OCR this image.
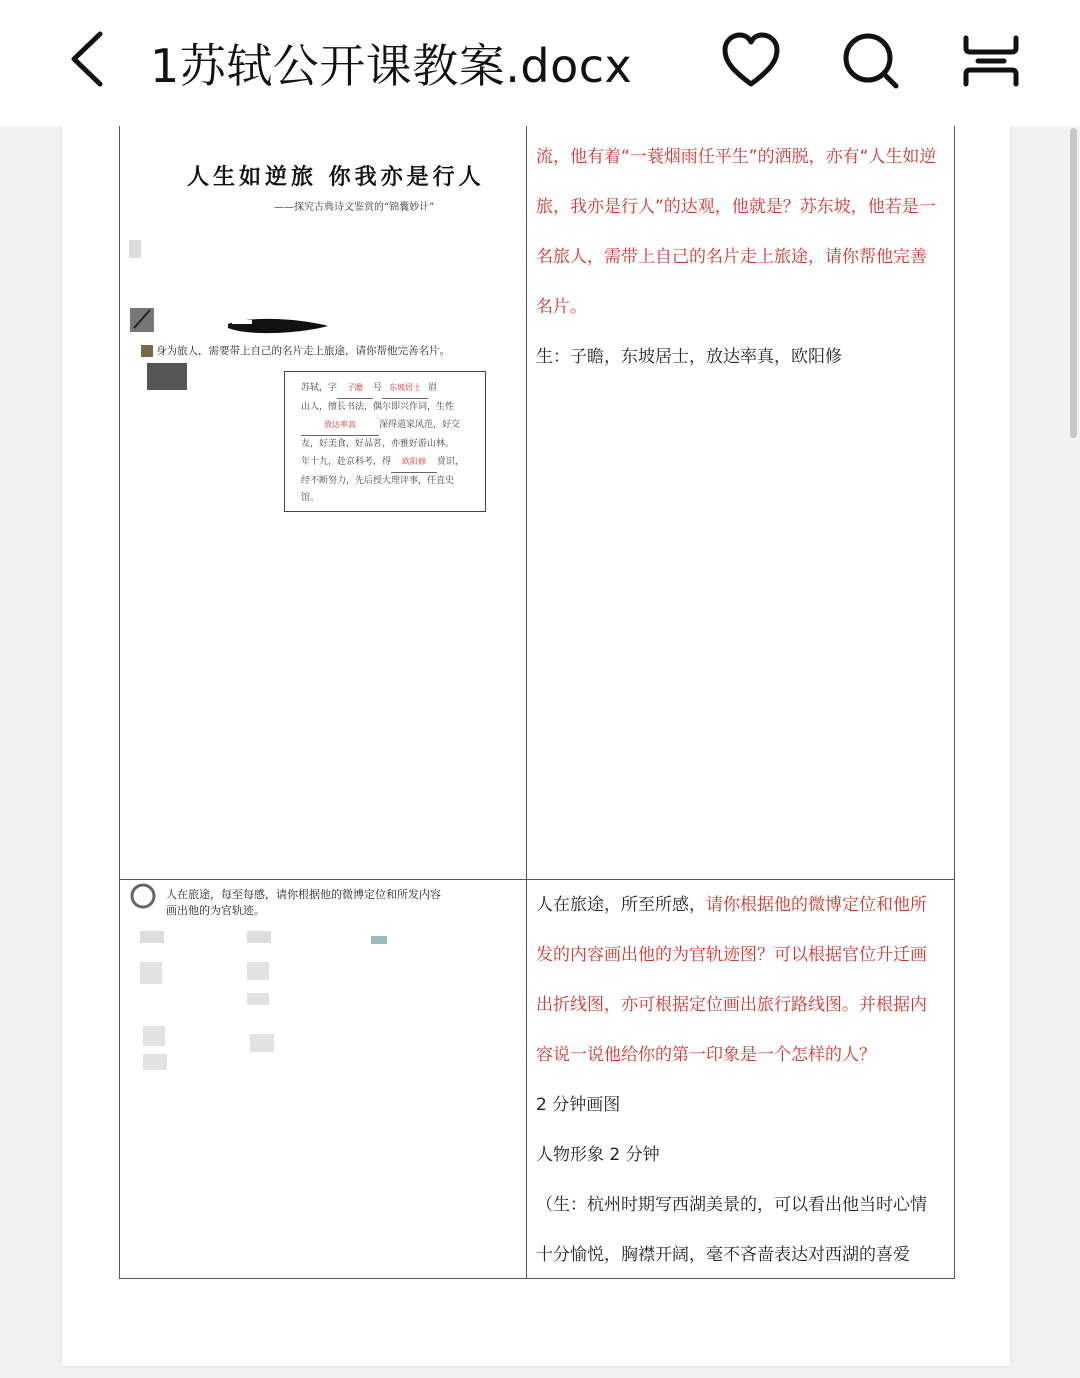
1苏轼公开课教案.docx
人生如逆旅 你我亦是行人
——探究古典诗文鉴赏的“锦囊妙计”
身为旅人，需要带上自己的名片走上旅途，请你帮他完善名片。
苏轼，字 子瞻 号 东坡居士 眉
山人，擅长书法，偶尔即兴作词，生性
放达率真	深得道家风范，好交
友，好美食，好品茗，亦雅好游山林。
年十九，赴京科考，得 欧阳修 赏识，
经不断努力，先后授大理评事，任直史
馆。
流，他有着“一蓑烟雨任平生”的洒脱，亦有“人生如逆
旅，我亦是行人”的达观，他就是？苏东坡，他若是一
名旅人，需带上自己的名片走上旅途，请你帮他完善
名片。
生：子瞻，东坡居士，放达率真，欧阳修
人在旅途，每至每感，请你根据他的微博定位和所发内容
画出他的为官轨迹。	人在旅途，所至所感，请你根据他的微博定位和他所
发的内容画出他的为官轨迹图？可以根据官位升迁画
出折线图，亦可根据定位画出旅行路线图。并根据内
容说一说他给你的第一印象是一个怎样的人？
2 分钟画图
人物形象 2 分钟
（生：杭州时期写西湖美景的，可以看出他当时心情
十分愉悦，胸襟开阔，毫不吝啬表达对西湖的喜爱
